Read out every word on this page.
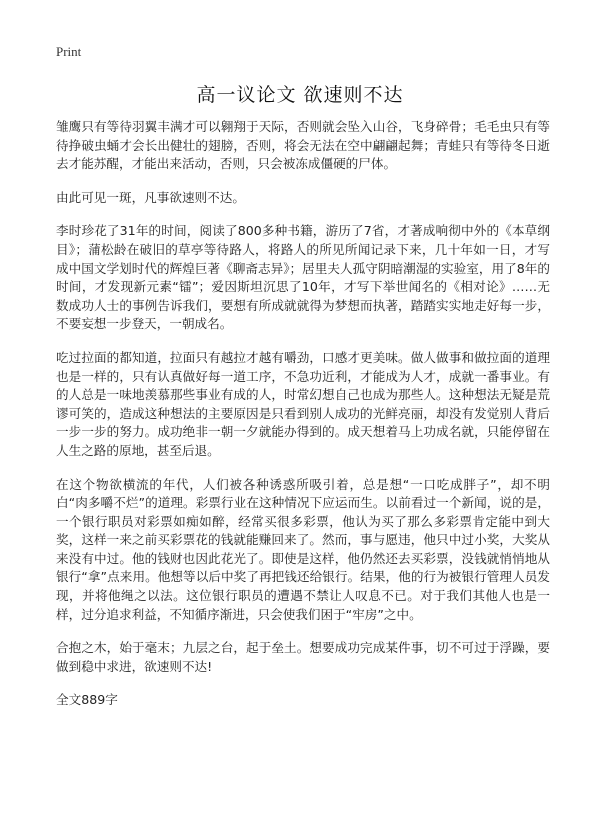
Print
高一议论文 欲速则不达

雏鹰只有等待羽翼丰满才可以翱翔于天际，否则就会坠入山谷，飞身碎骨；毛毛虫只有等待挣破虫蛹才会长出健壮的翅膀，否则，将会无法在空中翩翩起舞；青蛙只有等待冬日逝去才能苏醒，才能出来活动，否则，只会被冻成僵硬的尸体。

由此可见一斑，凡事欲速则不达。

李时珍花了31年的时间，阅读了800多种书籍，游历了7省，才著成响彻中外的《本草纲目》；蒲松龄在破旧的草亭等待路人，将路人的所见所闻记录下来，几十年如一日，才写成中国文学划时代的辉煌巨著《聊斋志异》；居里夫人孤守阴暗潮湿的实验室，用了8年的时间，才发现新元素“镭”；爱因斯坦沉思了10年，才写下举世闻名的《相对论》……无数成功人士的事例告诉我们，要想有所成就就得为梦想而执著，踏踏实实地走好每一步，不要妄想一步登天，一朝成名。

吃过拉面的都知道，拉面只有越拉才越有嚼劲，口感才更美味。做人做事和做拉面的道理也是一样的，只有认真做好每一道工序，不急功近利，才能成为人才，成就一番事业。有的人总是一味地羡慕那些事业有成的人，时常幻想自己也成为那些人。这种想法无疑是荒谬可笑的，造成这种想法的主要原因是只看到别人成功的光鲜亮丽，却没有发觉别人背后一步一步的努力。成功绝非一朝一夕就能办得到的。成天想着马上功成名就，只能停留在人生之路的原地，甚至后退。

在这个物欲横流的年代，人们被各种诱惑所吸引着，总是想“一口吃成胖子”，却不明白“肉多嚼不烂”的道理。彩票行业在这种情况下应运而生。以前看过一个新闻，说的是，一个银行职员对彩票如痴如醉，经常买很多彩票，他认为买了那么多彩票肯定能中到大奖，这样一来之前买彩票花的钱就能赚回来了。然而，事与愿违，他只中过小奖，大奖从来没有中过。他的钱财也因此花光了。即使是这样，他仍然还去买彩票，没钱就悄悄地从银行“拿”点来用。他想等以后中奖了再把钱还给银行。结果，他的行为被银行管理人员发现，并将他绳之以法。这位银行职员的遭遇不禁让人叹息不已。对于我们其他人也是一样，过分追求利益，不知循序渐进，只会使我们困于“牢房”之中。

合抱之木，始于毫末；九层之台，起于垒土。想要成功完成某件事，切不可过于浮躁，要做到稳中求进，欲速则不达!

全文889字
